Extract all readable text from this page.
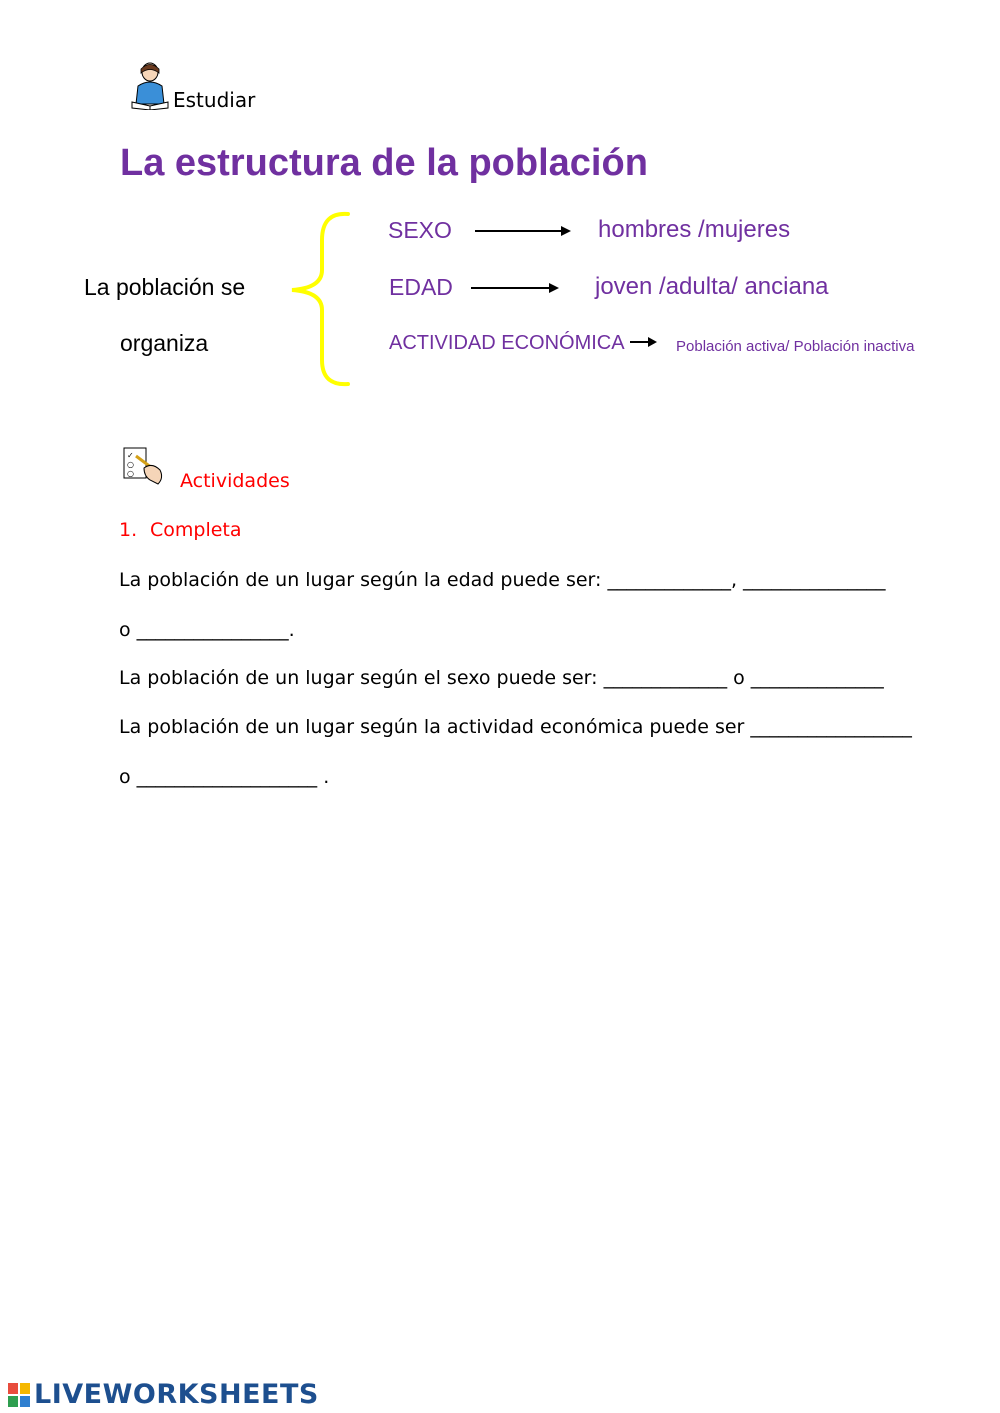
Estudiar
La estructura de la población
La población se
organiza
SEXO	hombres /mujeres
EDAD	joven /adulta/ anciana
ACTIVIDAD ECONÓMICA	Población activa/ Población inactiva
✓
○
○ Actividades
1. Completa
La población de un lugar según la edad puede ser: _____________, _______________
o ________________.
La población de un lugar según el sexo puede ser: _____________ o ______________
La población de un lugar según la actividad económica puede ser _________________
o ___________________ .
LIVEWORKSHEETS
